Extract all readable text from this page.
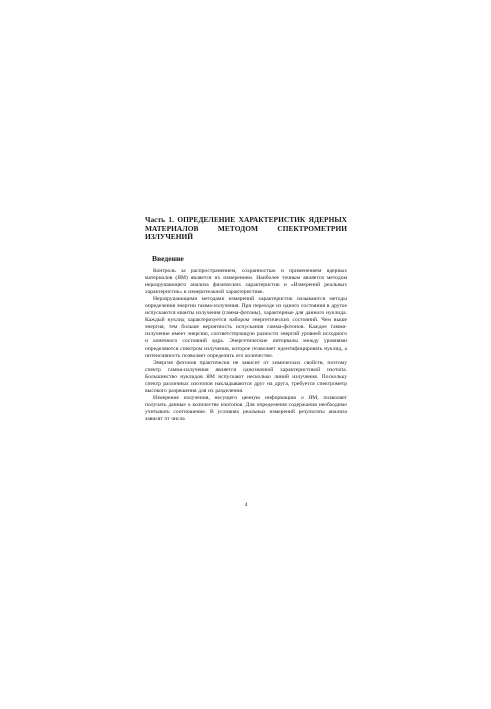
Часть 1. ОПРЕДЕЛЕНИЕ ХАРАКТЕРИСТИК ЯДЕРНЫХ МАТЕРИАЛОВ МЕТОДОМ СПЕКТРОМЕТРИИ ИЗЛУЧЕНИЙ
Введение

Контроль за распространением, сохранностью и применением ядерных материалов (ЯМ) является их измерением. Наиболее точным является методом неразрушающего анализа физических характеристик и «Измерений реальных характеристик» в измерительной характеристике.

Неразрушающими методами измерений характеристик называются методы определения энергии гамма-излучения. При переходе из одного состояния в другое испускаются кванты излучения (гамма-фотоны), характерные для данного нуклида. Каждый нуклид характеризуется набором энергетических состояний. Чем выше энергия, тем больше вероятность испускания гамма-фотонов. Каждое гамма-излучение имеет энергию, соответствующую разности энергий уровней исходного и конечного состояний ядра. Энергетические интервалы между уровнями определяются спектром излучения, которое позволяет идентифицировать нуклид, а интенсивность позволяет определить его количество.

Энергия фотонов практически не зависит от химических свойств, поэтому спектр гамма-излучения является однозначной характеристикой изотопа. Большинство нуклидов ЯМ испускают несколько линий излучения. Поскольку спектр различных изотопов накладываются друг на друга, требуется спектрометр высокого разрешения для их разделения.

Измерение излучения, несущего ценную информацию о ЯМ, позволяет получать данные о количестве изотопов. Для определения содержания необходимо учитывать соотношение. В условиях реальных измерений результаты анализа зависят от числа

4
